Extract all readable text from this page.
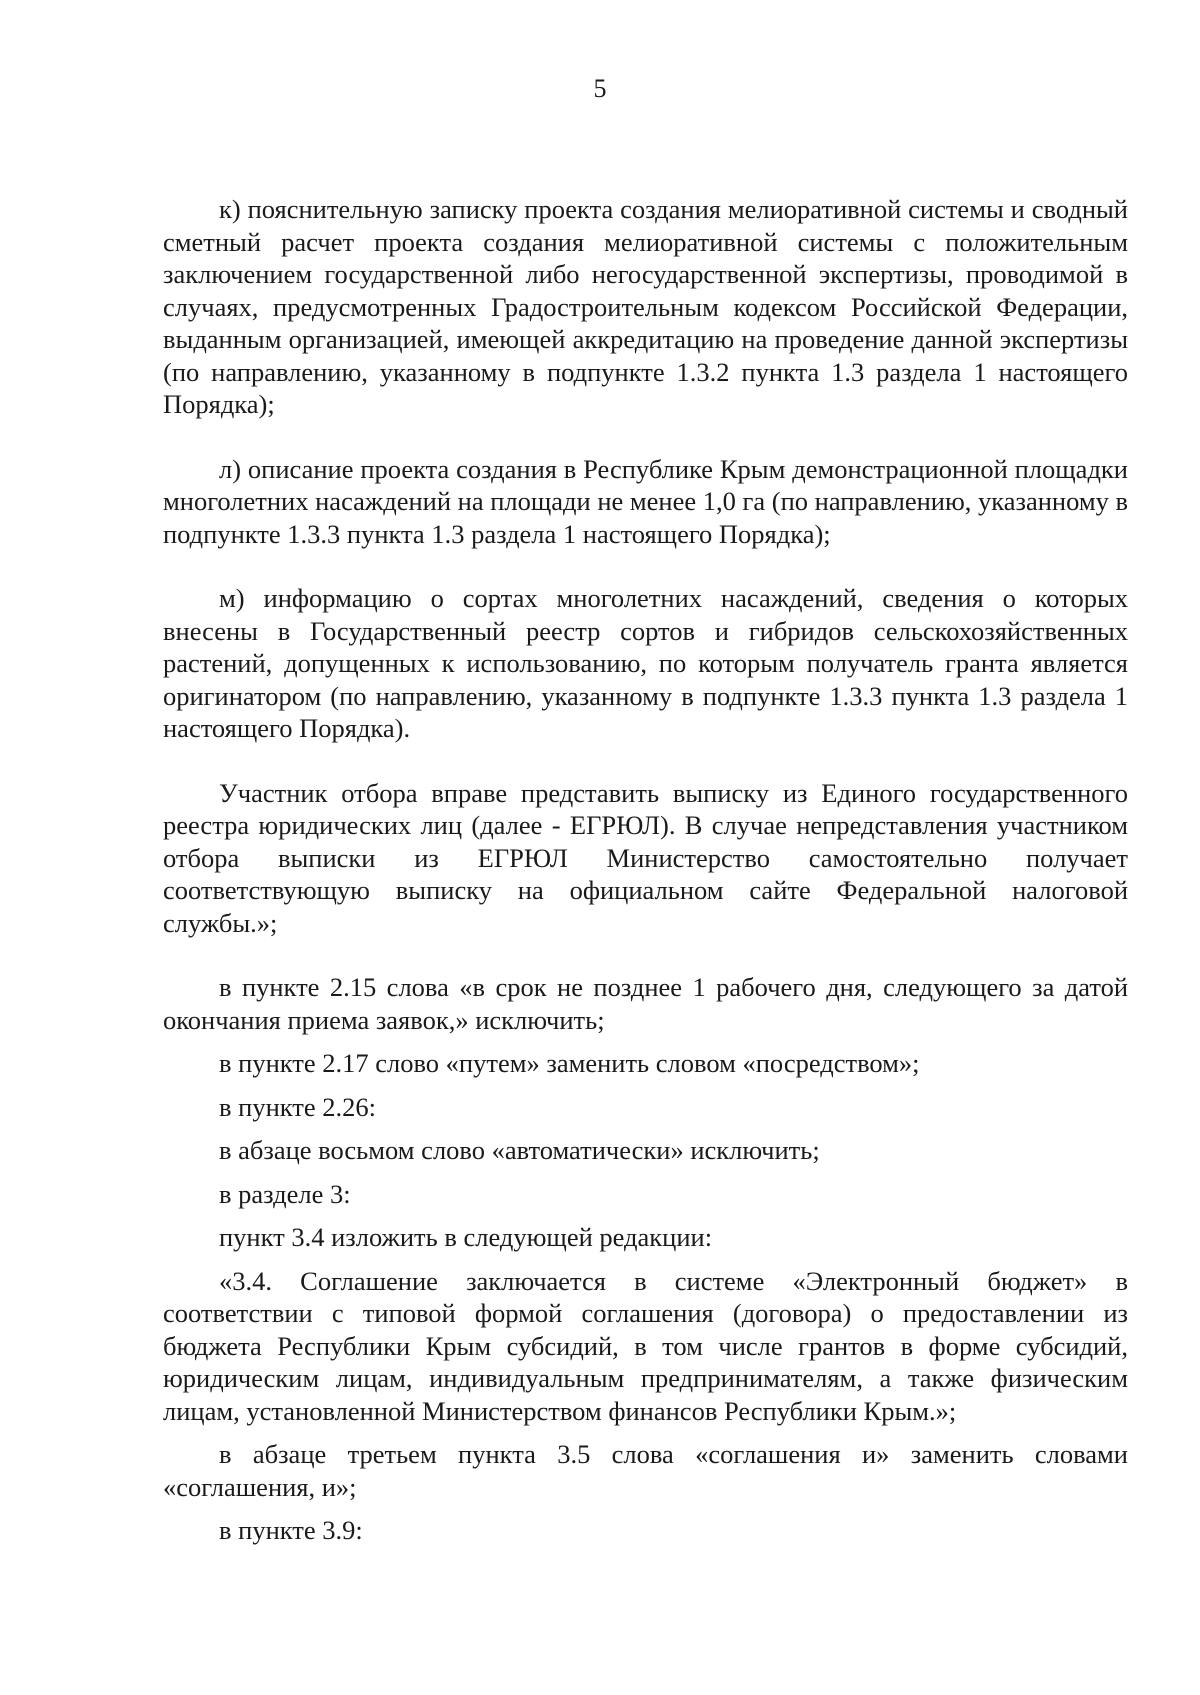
5

к) пояснительную записку проекта создания мелиоративной системы и сводный сметный расчет проекта создания мелиоративной системы с положительным заключением государственной либо негосударственной экспертизы, проводимой в случаях, предусмотренных Градостроительным кодексом Российской Федерации, выданным организацией, имеющей аккредитацию на проведение данной экспертизы (по направлению, указанному в подпункте 1.3.2 пункта 1.3 раздела 1 настоящего Порядка);

л) описание проекта создания в Республике Крым демонстрационной площадки многолетних насаждений на площади не менее 1,0 га (по направлению, указанному в подпункте 1.3.3 пункта 1.3 раздела 1 настоящего Порядка);

м) информацию о сортах многолетних насаждений, сведения о которых внесены в Государственный реестр сортов и гибридов сельскохозяйственных растений, допущенных к использованию, по которым получатель гранта является оригинатором (по направлению, указанному в подпункте 1.3.3 пункта 1.3 раздела 1 настоящего Порядка).

Участник отбора вправе представить выписку из Единого государственного реестра юридических лиц (далее - ЕГРЮЛ). В случае непредставления участником отбора выписки из ЕГРЮЛ Министерство самостоятельно получает соответствующую выписку на официальном сайте Федеральной налоговой службы.»;

в пункте 2.15 слова «в срок не позднее 1 рабочего дня, следующего за датой окончания приема заявок,» исключить;

в пункте 2.17 слово «путем» заменить словом «посредством»;

в пункте 2.26:

в абзаце восьмом слово «автоматически» исключить;

в разделе 3:

пункт 3.4 изложить в следующей редакции:

«3.4. Соглашение заключается в системе «Электронный бюджет» в соответствии с типовой формой соглашения (договора) о предоставлении из бюджета Республики Крым субсидий, в том числе грантов в форме субсидий, юридическим лицам, индивидуальным предпринимателям, а также физическим лицам, установленной Министерством финансов Республики Крым.»;

в абзаце третьем пункта 3.5 слова «соглашения и» заменить словами «соглашения, и»;

в пункте 3.9:
